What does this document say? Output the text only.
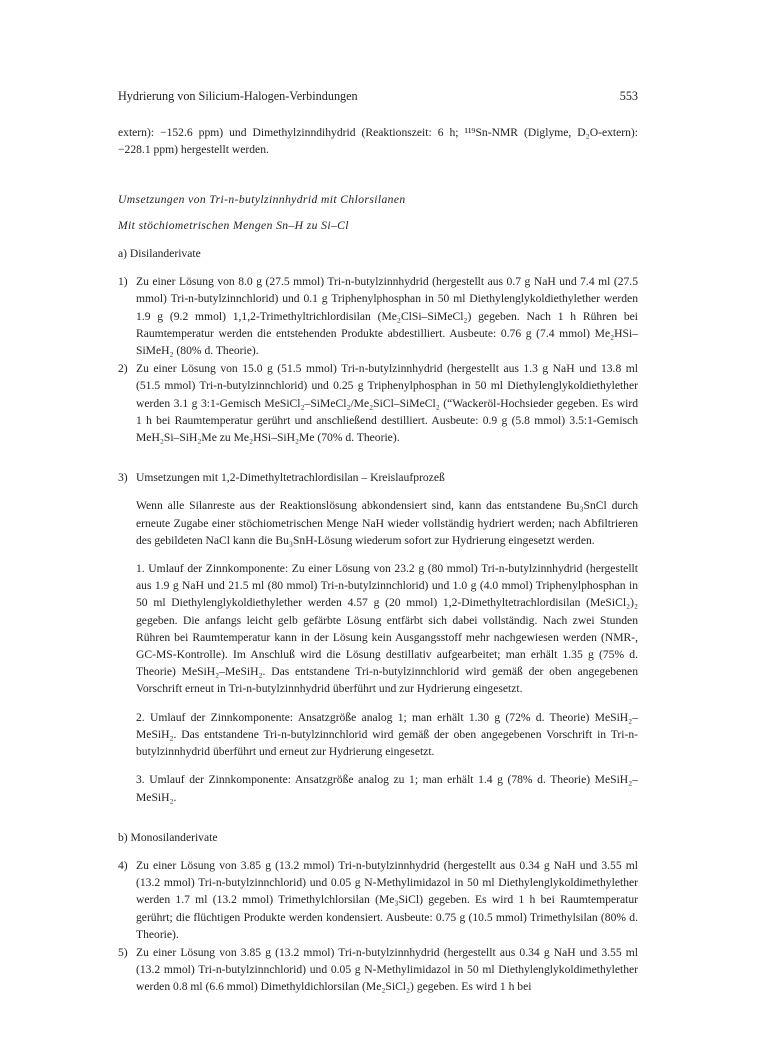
Hydrierung von Silicium-Halogen-Verbindungen	553

extern): −152.6 ppm) und Dimethylzinndihydrid (Reaktionszeit: 6 h; ¹¹⁹Sn-NMR (Diglyme, D₂O-extern): −228.1 ppm) hergestellt werden.

Umsetzungen von Tri-n-butylzinnhydrid mit Chlorsilanen

Mit stöchiometrischen Mengen Sn–H zu Si–Cl

a) Disilanderivate

1) Zu einer Lösung von 8.0 g (27.5 mmol) Tri-n-butylzinnhydrid (hergestellt aus 0.7 g NaH und 7.4 ml (27.5 mmol) Tri-n-butylzinnchlorid) und 0.1 g Triphenylphosphan in 50 ml Diethylenglykoldiethylether werden 1.9 g (9.2 mmol) 1,1,2-Trimethyltrichlordisilan (Me₂ClSi–SiMeCl₂) gegeben. Nach 1 h Rühren bei Raumtemperatur werden die entstehenden Produkte abdestilliert. Ausbeute: 0.76 g (7.4 mmol) Me₂HSi–SiMeH₂ (80% d. Theorie).

2) Zu einer Lösung von 15.0 g (51.5 mmol) Tri-n-butylzinnhydrid (hergestellt aus 1.3 g NaH und 13.8 ml (51.5 mmol) Tri-n-butylzinnchlorid) und 0.25 g Triphenylphosphan in 50 ml Diethylenglykoldiethylether werden 3.1 g 3:1-Gemisch MeSiCl₂–SiMeCl₂/Me₂SiCl–SiMeCl₂ (“Wackeröl-Hochsieder gegeben. Es wird 1 h bei Raumtemperatur gerührt und anschließend destilliert. Ausbeute: 0.9 g (5.8 mmol) 3.5:1-Gemisch MeH₂Si–SiH₂Me zu Me₂HSi–SiH₂Me (70% d. Theorie).

3) Umsetzungen mit 1,2-Dimethyltetrachlordisilan – Kreislaufprozeß

Wenn alle Silanreste aus der Reaktionslösung abkondensiert sind, kann das entstandene Bu₃SnCl durch erneute Zugabe einer stöchiometrischen Menge NaH wieder vollständig hydriert werden; nach Abfiltrieren des gebildeten NaCl kann die Bu₃SnH-Lösung wiederum sofort zur Hydrierung eingesetzt werden.

1. Umlauf der Zinnkomponente: Zu einer Lösung von 23.2 g (80 mmol) Tri-n-butylzinnhydrid (hergestellt aus 1.9 g NaH und 21.5 ml (80 mmol) Tri-n-butylzinnchlorid) und 1.0 g (4.0 mmol) Triphenylphosphan in 50 ml Diethylenglykoldiethylether werden 4.57 g (20 mmol) 1,2-Dimethyltetrachlordisilan (MeSiCl₂)₂ gegeben. Die anfangs leicht gelb gefärbte Lösung entfärbt sich dabei vollständig. Nach zwei Stunden Rühren bei Raumtemperatur kann in der Lösung kein Ausgangsstoff mehr nachgewiesen werden (NMR-, GC-MS-Kontrolle). Im Anschluß wird die Lösung destillativ aufgearbeitet; man erhält 1.35 g (75% d. Theorie) MeSiH₂–MeSiH₂. Das entstandene Tri-n-butylzinnchlorid wird gemäß der oben angegebenen Vorschrift erneut in Tri-n-butylzinnhydrid überführt und zur Hydrierung eingesetzt.

2. Umlauf der Zinnkomponente: Ansatzgröße analog 1; man erhält 1.30 g (72% d. Theorie) MeSiH₂–MeSiH₂. Das entstandene Tri-n-butylzinnchlorid wird gemäß der oben angegebenen Vorschrift in Tri-n-butylzinnhydrid überführt und erneut zur Hydrierung eingesetzt.

3. Umlauf der Zinnkomponente: Ansatzgröße analog zu 1; man erhält 1.4 g (78% d. Theorie) MeSiH₂–MeSiH₂.

b) Monosilanderivate

4) Zu einer Lösung von 3.85 g (13.2 mmol) Tri-n-butylzinnhydrid (hergestellt aus 0.34 g NaH und 3.55 ml (13.2 mmol) Tri-n-butylzinnchlorid) und 0.05 g N-Methylimidazol in 50 ml Diethylenglykoldimethylether werden 1.7 ml (13.2 mmol) Trimethylchlorsilan (Me₃SiCl) gegeben. Es wird 1 h bei Raumtemperatur gerührt; die flüchtigen Produkte werden kondensiert. Ausbeute: 0.75 g (10.5 mmol) Trimethylsilan (80% d. Theorie).

5) Zu einer Lösung von 3.85 g (13.2 mmol) Tri-n-butylzinnhydrid (hergestellt aus 0.34 g NaH und 3.55 ml (13.2 mmol) Tri-n-butylzinnchlorid) und 0.05 g N-Methylimidazol in 50 ml Diethylenglykoldimethylether werden 0.8 ml (6.6 mmol) Dimethyldichlorsilan (Me₂SiCl₂) gegeben. Es wird 1 h bei
